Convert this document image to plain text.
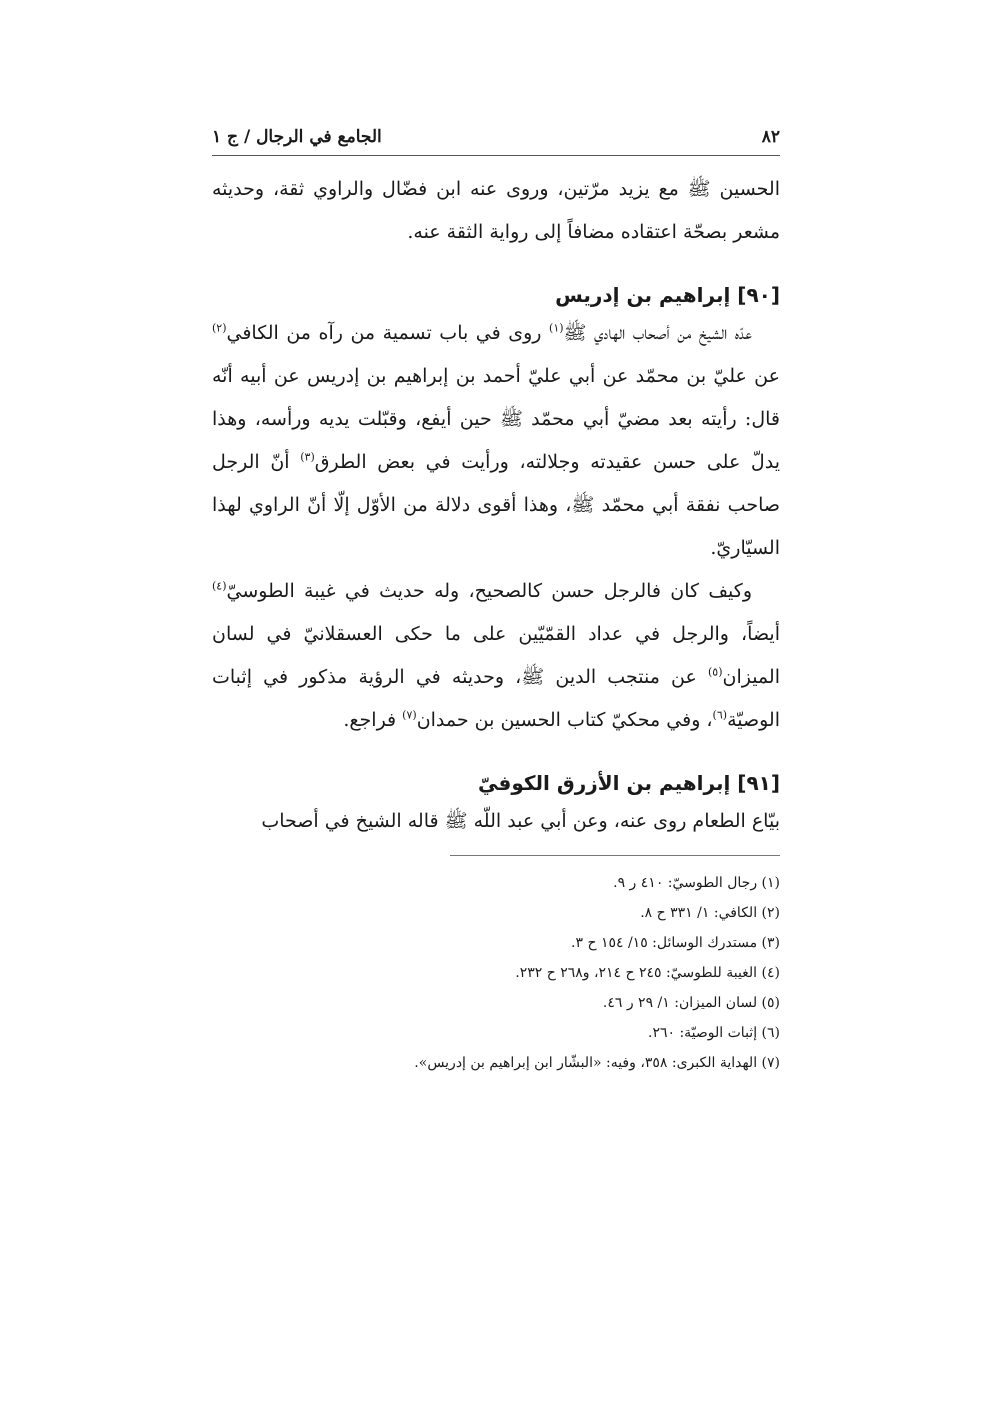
٨٢
الجامع في الرجال / ج ١

الحسين ﷺ مع يزيد مرّتين، وروى عنه ابن فضّال والراوي ثقة، وحديثه مشعر بصحّة اعتقاده مضافاً إلى رواية الثقة عنه.

[٩٠] إبراهيم بن إدريس

عدّه الشيخ من أصحاب الهادي ﷺ$^{(١)}$ روى في باب تسمية من رآه من الكافي$^{(٢)}$ عن عليّ بن محمّد عن أبي عليّ أحمد بن إبراهيم بن إدريس عن أبيه أنّه قال: رأيته بعد مضيّ أبي محمّد ﷺ حين أيفع، وقبّلت يديه ورأسه، وهذا يدلّ على حسن عقيدته وجلالته، ورأيت في بعض الطرق$^{(٣)}$ أنّ الرجل صاحب نفقة أبي محمّد ﷺ، وهذا أقوى دلالة من الأوّل إلّا أنّ الراوي لهذا السيّاريّ.

وكيف كان فالرجل حسن كالصحيح، وله حديث في غيبة الطوسيّ$^{(٤)}$ أيضاً، والرجل في عداد القمّيّين على ما حكى العسقلانيّ في لسان الميزان$^{(٥)}$ عن منتجب الدين ﷺ، وحديثه في الرؤية مذكور في إثبات الوصيّة$^{(٦)}$، وفي محكيّ كتاب الحسين بن حمدان$^{(٧)}$ فراجع.

[٩١] إبراهيم بن الأزرق الكوفيّ

بيّاع الطعام روى عنه، وعن أبي عبد اللّه ﷺ قاله الشيخ في أصحاب

(١) رجال الطوسيّ: ٤١٠ ر ٩.

(٢) الكافي: ١/ ٣٣١ ح ٨.

(٣) مستدرك الوسائل: ١٥/ ١٥٤ ح ٣.

(٤) الغيبة للطوسيّ: ٢٤٥ ح ٢١٤، و٢٦٨ ح ٢٣٢.

(٥) لسان الميزان: ١/ ٢٩ ر ٤٦.

(٦) إثبات الوصيّة: ٢٦٠.

(٧) الهداية الكبرى: ٣٥٨، وفيه: «البشّار ابن إبراهيم بن إدريس».
